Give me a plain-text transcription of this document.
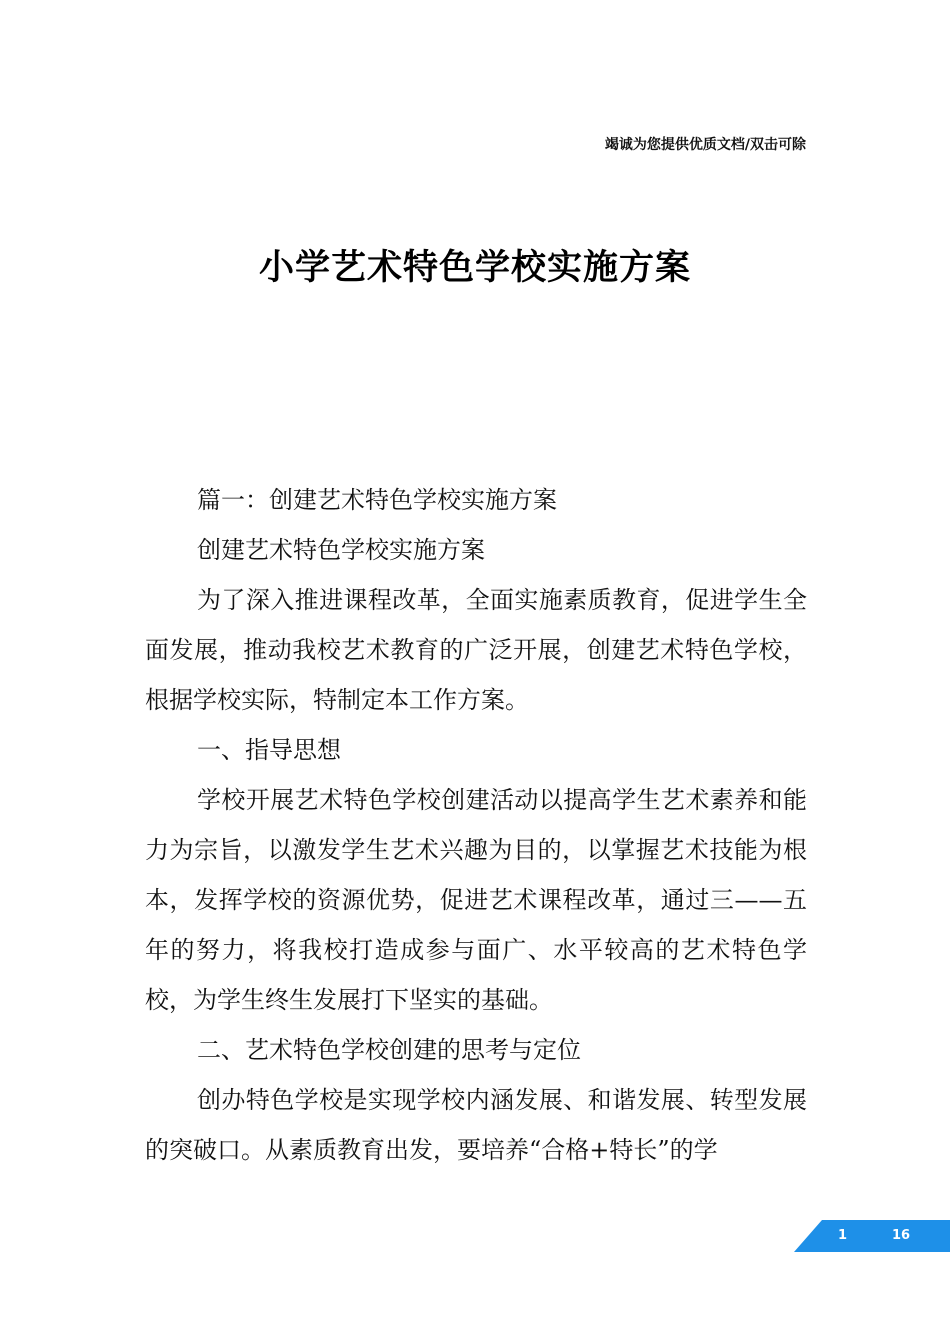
竭诚为您提供优质文档/双击可除
小学艺术特色学校实施方案

篇一：创建艺术特色学校实施方案

创建艺术特色学校实施方案

为了深入推进课程改革，全面实施素质教育，促进学生全面发展，推动我校艺术教育的广泛开展，创建艺术特色学校，根据学校实际，特制定本工作方案。

一、指导思想

学校开展艺术特色学校创建活动以提高学生艺术素养和能力为宗旨，以激发学生艺术兴趣为目的，以掌握艺术技能为根本，发挥学校的资源优势，促进艺术课程改革，通过三——五年的努力，将我校打造成参与面广、水平较高的艺术特色学校，为学生终生发展打下坚实的基础。

二、艺术特色学校创建的思考与定位

创办特色学校是实现学校内涵发展、和谐发展、转型发展的突破口。从素质教育出发，要培养“合格+特长”的学

1	16
